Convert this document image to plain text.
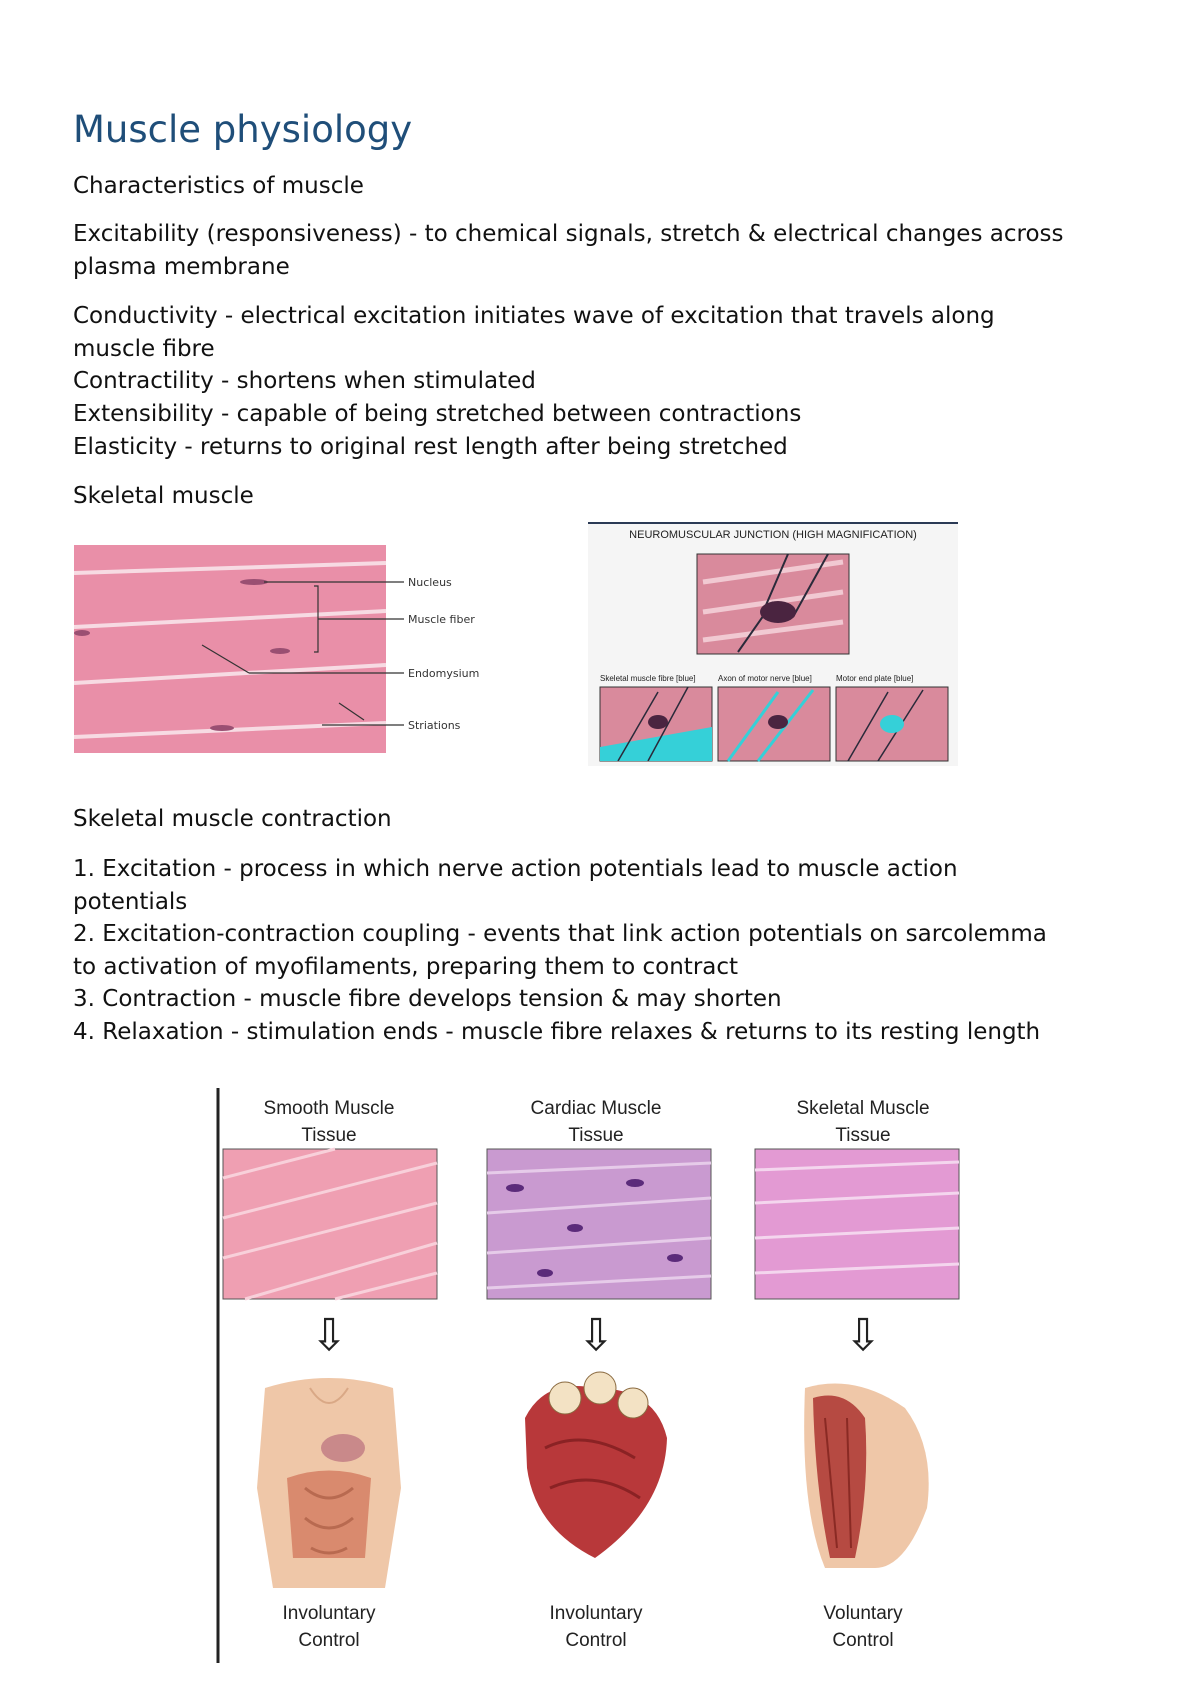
Muscle physiology
Characteristics of muscle
Excitability (responsiveness) - to chemical signals, stretch & electrical changes across
plasma membrane
Conductivity - electrical excitation initiates wave of excitation that travels along
muscle fibre
Contractility - shortens when stimulated
Extensibility - capable of being stretched between contractions
Elasticity - returns to original rest length after being stretched
Skeletal muscle
Nucleus
Muscle fiber
Endomysium
Striations
NEUROMUSCULAR JUNCTION (HIGH MAGNIFICATION)
Skeletal muscle fibre [blue]	Axon of motor nerve [blue]	Motor end plate [blue]
Skeletal muscle contraction
1. Excitation - process in which nerve action potentials lead to muscle action
potentials
2. Excitation-contraction coupling - events that link action potentials on sarcolemma
to activation of myofilaments, preparing them to contract
3. Contraction - muscle fibre develops tension & may shorten
4. Relaxation - stimulation ends - muscle fibre relaxes & returns to its resting length
Smooth Muscle
Tissue
⇩
Involuntary
Control
Cardiac Muscle
Tissue
⇩
Involuntary
Control
Skeletal Muscle
Tissue
⇩
Voluntary
Control
